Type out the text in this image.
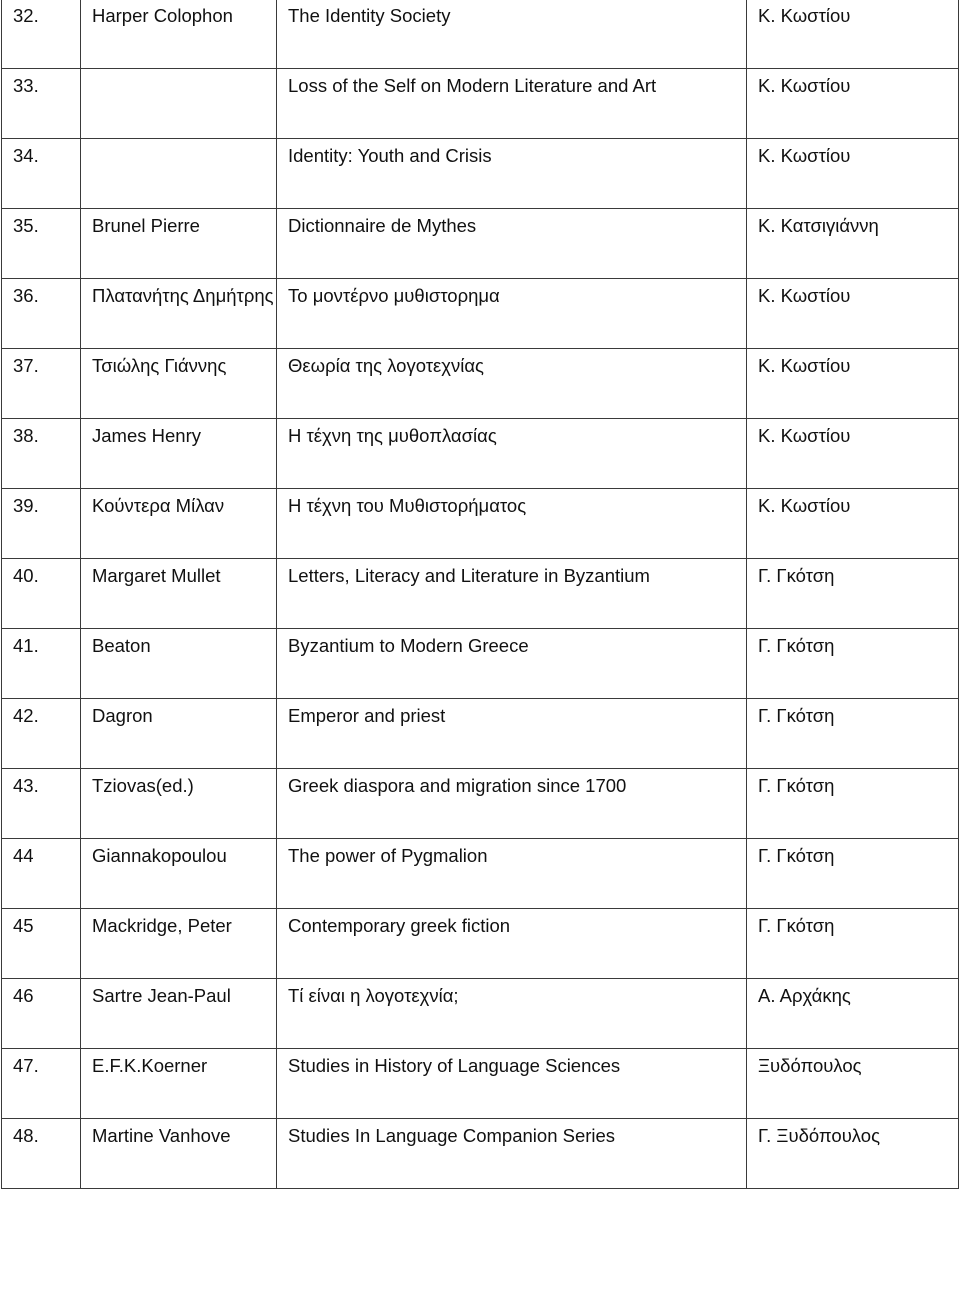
32.	Harper Colophon	The Identity Society	Κ. Κωστίου
33.		Loss of the Self on Modern Literature and Art	Κ. Κωστίου
34.		Identity: Youth and Crisis	Κ. Κωστίου
35.	Brunel Pierre	Dictionnaire de Mythes	Κ. Κατσιγιάννη
36.	Πλατανήτης Δημήτρης	Το μοντέρνο μυθιστορημα	Κ. Κωστίου
37.	Τσιώλης Γιάννης	Θεωρία της λογοτεχνίας	Κ. Κωστίου
38.	James Henry	Η τέχνη της μυθοπλασίας	Κ. Κωστίου
39.	Κούντερα Μίλαν	Η τέχνη του Μυθιστορήματος	Κ. Κωστίου
40.	Margaret Mullet	Letters, Literacy and Literature in Byzantium	Γ. Γκότση
41.	Beaton	Byzantium to Modern Greece	Γ. Γκότση
42.	Dagron	Emperor and priest	Γ. Γκότση
43.	Tziovas(ed.)	Greek diaspora and migration since 1700	Γ. Γκότση
44	Giannakopoulou	The power of Pygmalion	Γ. Γκότση
45	Mackridge, Peter	Contemporary greek fiction	Γ. Γκότση
46	Sartre Jean-Paul	Τί είναι η λογοτεχνία;	Α. Αρχάκης
47.	E.F.K.Koerner	Studies in History of Language Sciences	Ξυδόπουλος
48.	Martine Vanhove	Studies In Language Companion Series	Γ. Ξυδόπουλος
